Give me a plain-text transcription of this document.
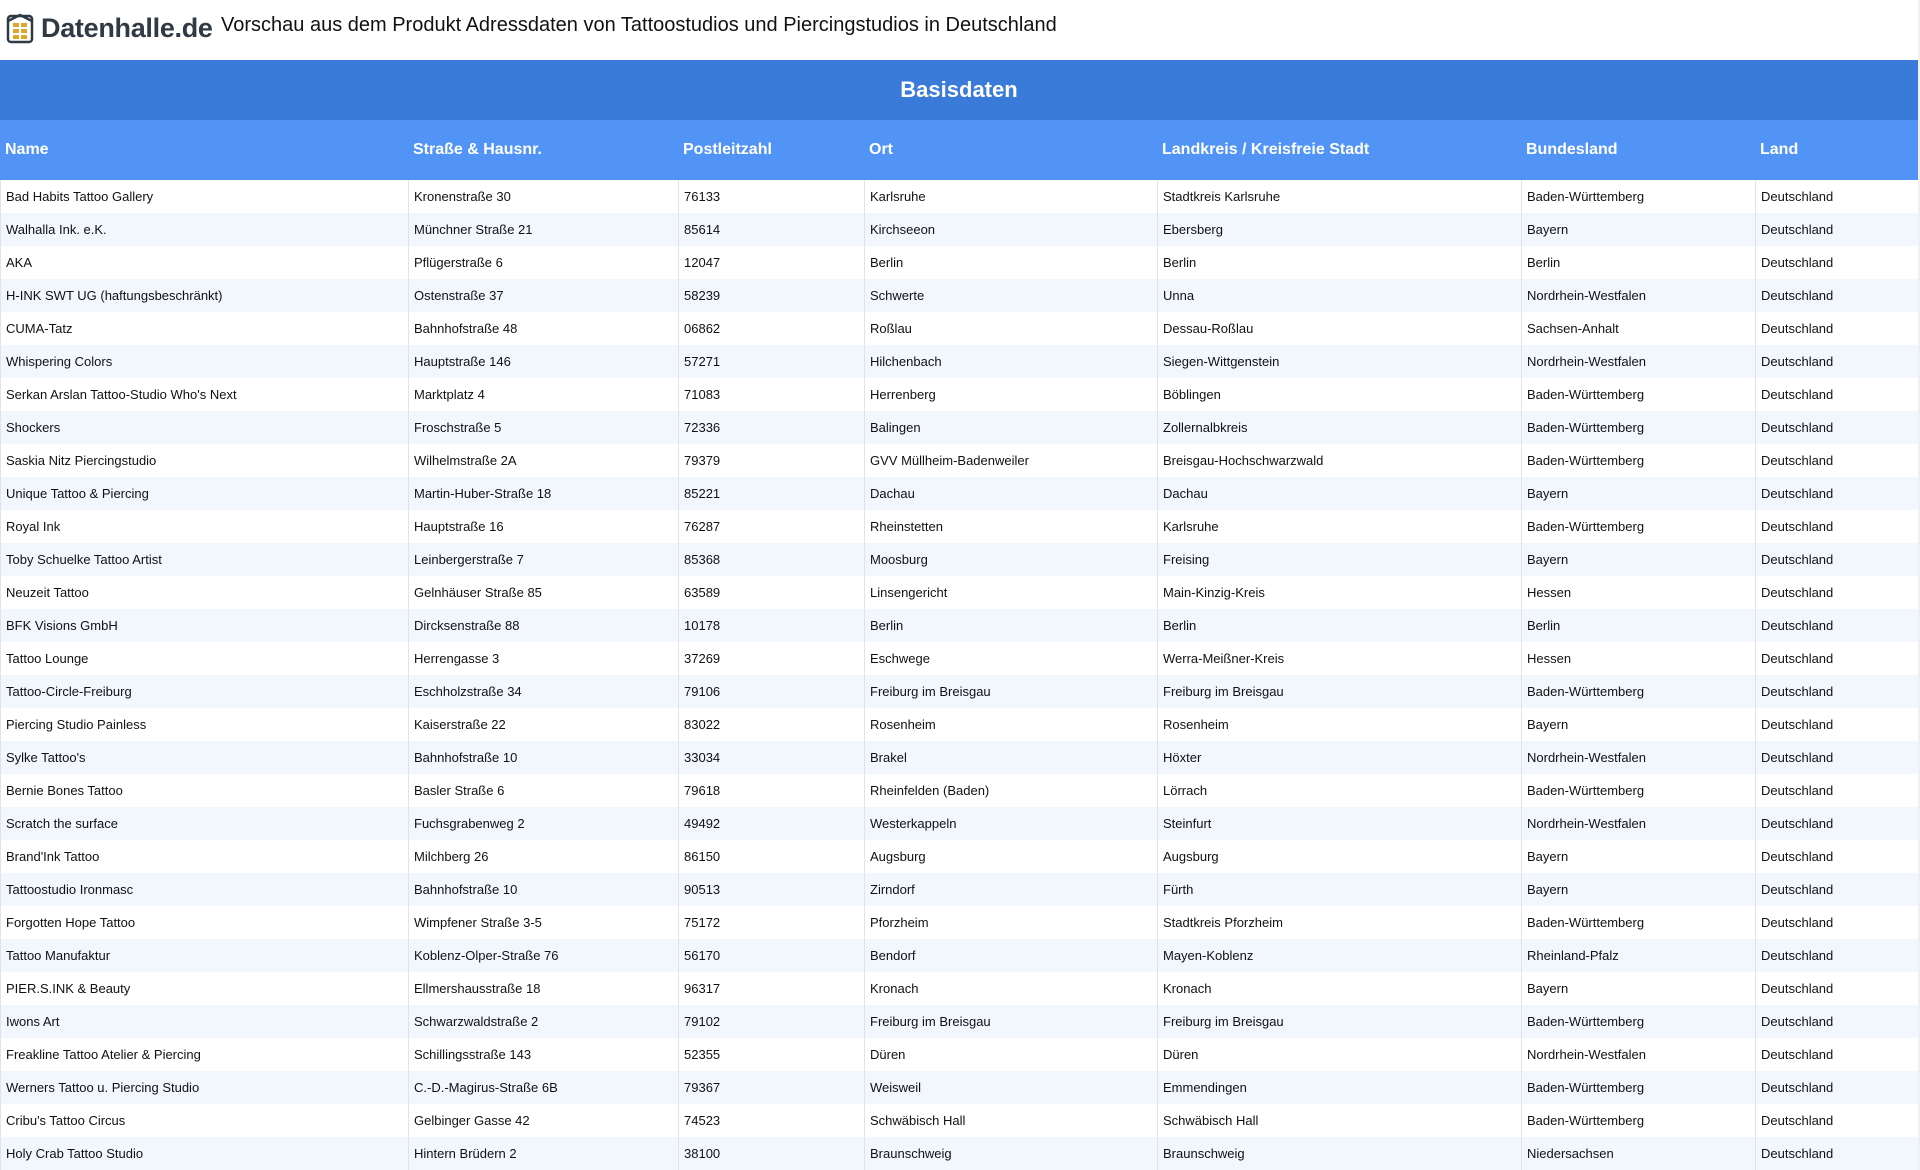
Datenhalle.de Vorschau aus dem Produkt Adressdaten von Tattoostudios und Piercingstudios in Deutschland
Basisdaten
Name	Straße & Hausnr.	Postleitzahl	Ort	Landkreis / Kreisfreie Stadt	Bundesland	Land
Bad Habits Tattoo Gallery	Kronenstraße 30	76133	Karlsruhe	Stadtkreis Karlsruhe	Baden-Württemberg	Deutschland
Walhalla Ink. e.K.	Münchner Straße 21	85614	Kirchseeon	Ebersberg	Bayern	Deutschland
AKA	Pflügerstraße 6	12047	Berlin	Berlin	Berlin	Deutschland
H-INK SWT UG (haftungsbeschränkt)	Ostenstraße 37	58239	Schwerte	Unna	Nordrhein-Westfalen	Deutschland
CUMA-Tatz	Bahnhofstraße 48	06862	Roßlau	Dessau-Roßlau	Sachsen-Anhalt	Deutschland
Whispering Colors	Hauptstraße 146	57271	Hilchenbach	Siegen-Wittgenstein	Nordrhein-Westfalen	Deutschland
Serkan Arslan Tattoo-Studio Who's Next	Marktplatz 4	71083	Herrenberg	Böblingen	Baden-Württemberg	Deutschland
Shockers	Froschstraße 5	72336	Balingen	Zollernalbkreis	Baden-Württemberg	Deutschland
Saskia Nitz Piercingstudio	Wilhelmstraße 2A	79379	GVV Müllheim-Badenweiler	Breisgau-Hochschwarzwald	Baden-Württemberg	Deutschland
Unique Tattoo & Piercing	Martin-Huber-Straße 18	85221	Dachau	Dachau	Bayern	Deutschland
Royal Ink	Hauptstraße 16	76287	Rheinstetten	Karlsruhe	Baden-Württemberg	Deutschland
Toby Schuelke Tattoo Artist	Leinbergerstraße 7	85368	Moosburg	Freising	Bayern	Deutschland
Neuzeit Tattoo	Gelnhäuser Straße 85	63589	Linsengericht	Main-Kinzig-Kreis	Hessen	Deutschland
BFK Visions GmbH	Dircksenstraße 88	10178	Berlin	Berlin	Berlin	Deutschland
Tattoo Lounge	Herrengasse 3	37269	Eschwege	Werra-Meißner-Kreis	Hessen	Deutschland
Tattoo-Circle-Freiburg	Eschholzstraße 34	79106	Freiburg im Breisgau	Freiburg im Breisgau	Baden-Württemberg	Deutschland
Piercing Studio Painless	Kaiserstraße 22	83022	Rosenheim	Rosenheim	Bayern	Deutschland
Sylke Tattoo's	Bahnhofstraße 10	33034	Brakel	Höxter	Nordrhein-Westfalen	Deutschland
Bernie Bones Tattoo	Basler Straße 6	79618	Rheinfelden (Baden)	Lörrach	Baden-Württemberg	Deutschland
Scratch the surface	Fuchsgrabenweg 2	49492	Westerkappeln	Steinfurt	Nordrhein-Westfalen	Deutschland
Brand'Ink Tattoo	Milchberg 26	86150	Augsburg	Augsburg	Bayern	Deutschland
Tattoostudio Ironmasc	Bahnhofstraße 10	90513	Zirndorf	Fürth	Bayern	Deutschland
Forgotten Hope Tattoo	Wimpfener Straße 3-5	75172	Pforzheim	Stadtkreis Pforzheim	Baden-Württemberg	Deutschland
Tattoo Manufaktur	Koblenz-Olper-Straße 76	56170	Bendorf	Mayen-Koblenz	Rheinland-Pfalz	Deutschland
PIER.S.INK & Beauty	Ellmershausstraße 18	96317	Kronach	Kronach	Bayern	Deutschland
Iwons Art	Schwarzwaldstraße 2	79102	Freiburg im Breisgau	Freiburg im Breisgau	Baden-Württemberg	Deutschland
Freakline Tattoo Atelier & Piercing	Schillingsstraße 143	52355	Düren	Düren	Nordrhein-Westfalen	Deutschland
Werners Tattoo u. Piercing Studio	C.-D.-Magirus-Straße 6B	79367	Weisweil	Emmendingen	Baden-Württemberg	Deutschland
Cribu's Tattoo Circus	Gelbinger Gasse 42	74523	Schwäbisch Hall	Schwäbisch Hall	Baden-Württemberg	Deutschland
Holy Crab Tattoo Studio	Hintern Brüdern 2	38100	Braunschweig	Braunschweig	Niedersachsen	Deutschland
